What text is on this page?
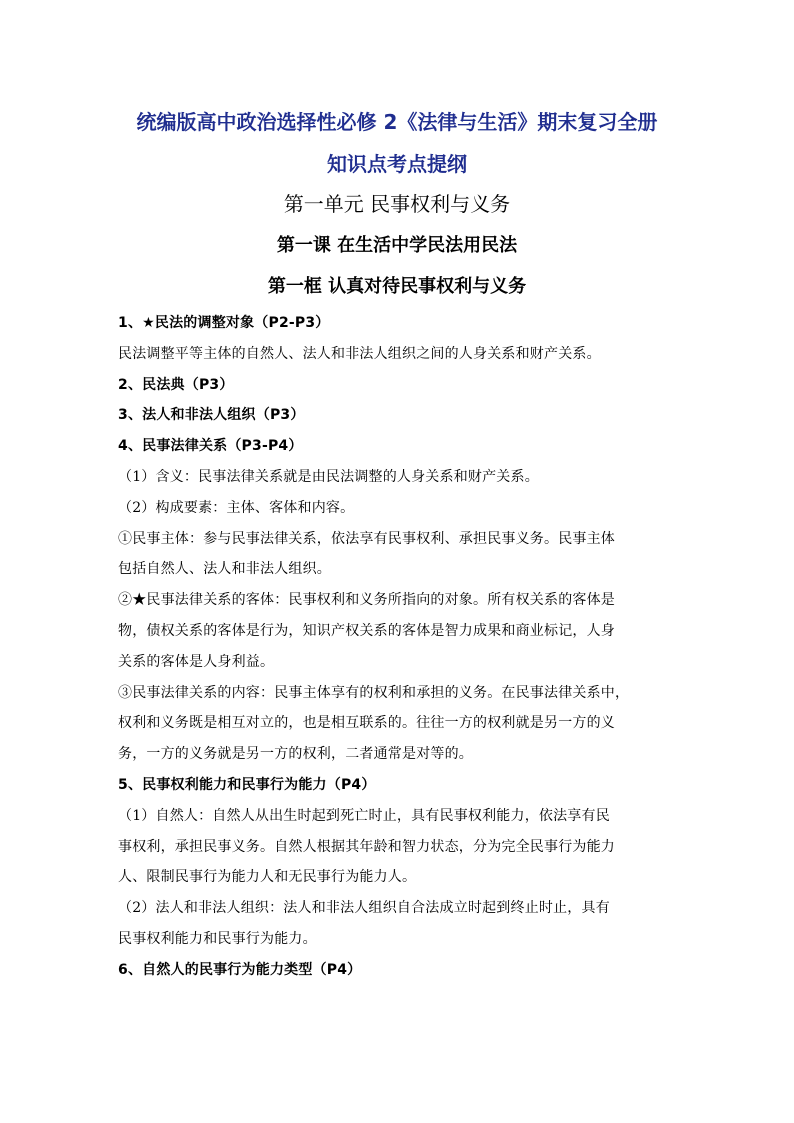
统编版高中政治选择性必修 2《法律与生活》期末复习全册
知识点考点提纲
第一单元 民事权利与义务
第一课 在生活中学民法用民法
第一框 认真对待民事权利与义务
1、★民法的调整对象（P2-P3）
民法调整平等主体的自然人、法人和非法人组织之间的人身关系和财产关系。
2、民法典（P3）
3、法人和非法人组织（P3）
4、民事法律关系（P3-P4）
（1）含义：民事法律关系就是由民法调整的人身关系和财产关系。
（2）构成要素：主体、客体和内容。
①民事主体：参与民事法律关系，依法享有民事权利、承担民事义务。民事主体
包括自然人、法人和非法人组织。
②★民事法律关系的客体：民事权利和义务所指向的对象。所有权关系的客体是
物，债权关系的客体是行为，知识产权关系的客体是智力成果和商业标记，人身
关系的客体是人身利益。
③民事法律关系的内容：民事主体享有的权利和承担的义务。在民事法律关系中，
权利和义务既是相互对立的，也是相互联系的。往往一方的权利就是另一方的义
务，一方的义务就是另一方的权利，二者通常是对等的。
5、民事权利能力和民事行为能力（P4）
（1）自然人：自然人从出生时起到死亡时止，具有民事权利能力，依法享有民
事权利，承担民事义务。自然人根据其年龄和智力状态，分为完全民事行为能力
人、限制民事行为能力人和无民事行为能力人。
（2）法人和非法人组织：法人和非法人组织自合法成立时起到终止时止，具有
民事权利能力和民事行为能力。
6、自然人的民事行为能力类型（P4）
